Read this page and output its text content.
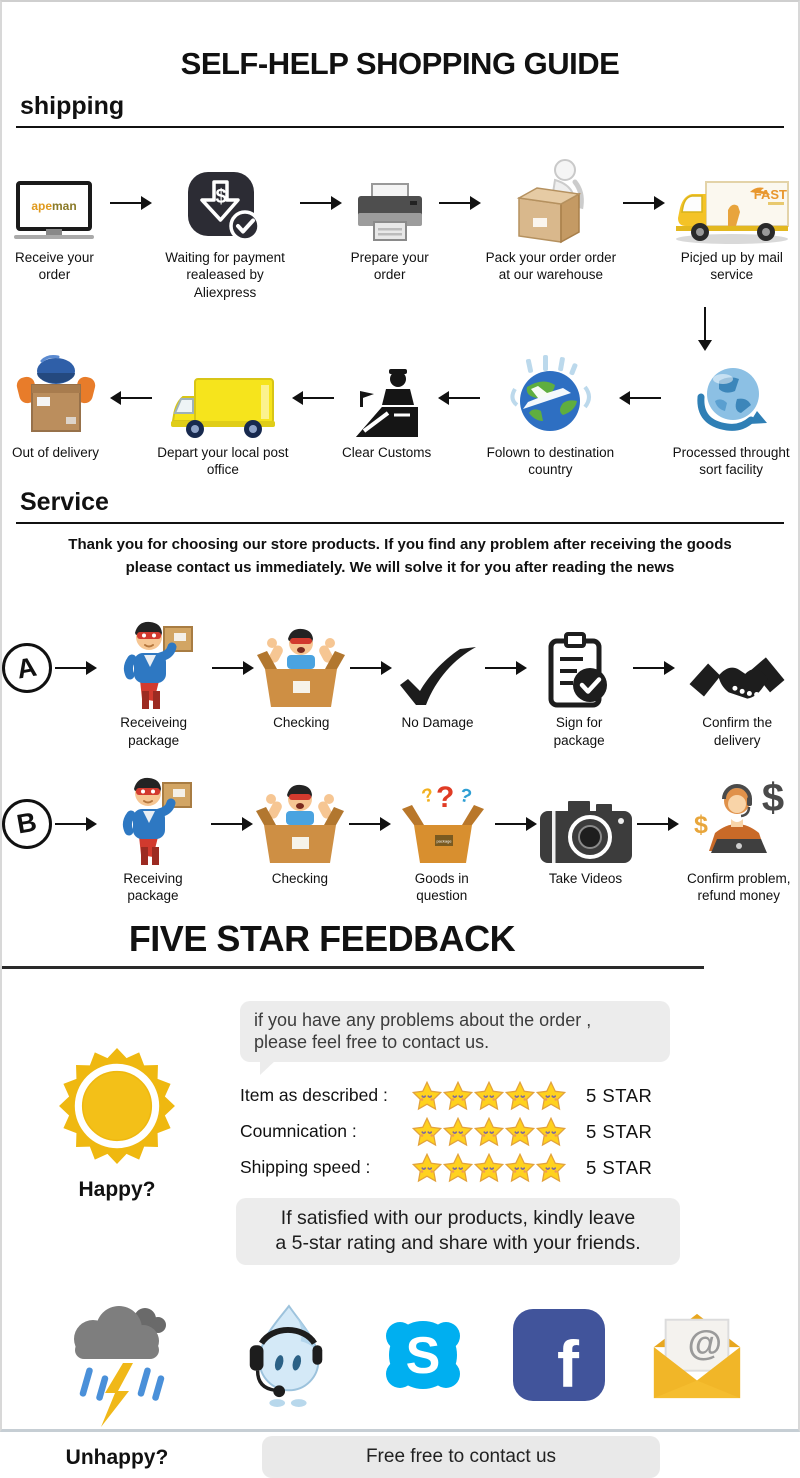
SELF-HELP SHOPPING GUIDE
shipping
apeman
Receive your order
$
Waiting for payment realeased by Aliexpress
Prepare your order
Pack your order order at our warehouse
FAST
Picjed up by mail service
Out of delivery	Depart your local post office
Clear Customs	Folown to destination country
Processed throught sort facility
Service
Thank you for choosing our store products. If you find any problem after receiving the goods
please contact us immediately. We will solve it for you after reading the news
A
Receiveing package
Checking	No Damage	Sign for package
Confirm the delivery
B
Receiving package
Checking
? ? ?
package
Goods in question
Take Videos
$
$
Confirm problem, refund money
FIVE STAR FEEDBACK
Happy?
if you have any problems about the order ,
please feel free to contact us.
Item as described :	5 STAR
Coumnication :	5 STAR
Shipping speed :	5 STAR
If satisfied with our products, kindly leave
a 5-star rating and share with your friends.
Unhappy?
S f	@
Free free to contact us
